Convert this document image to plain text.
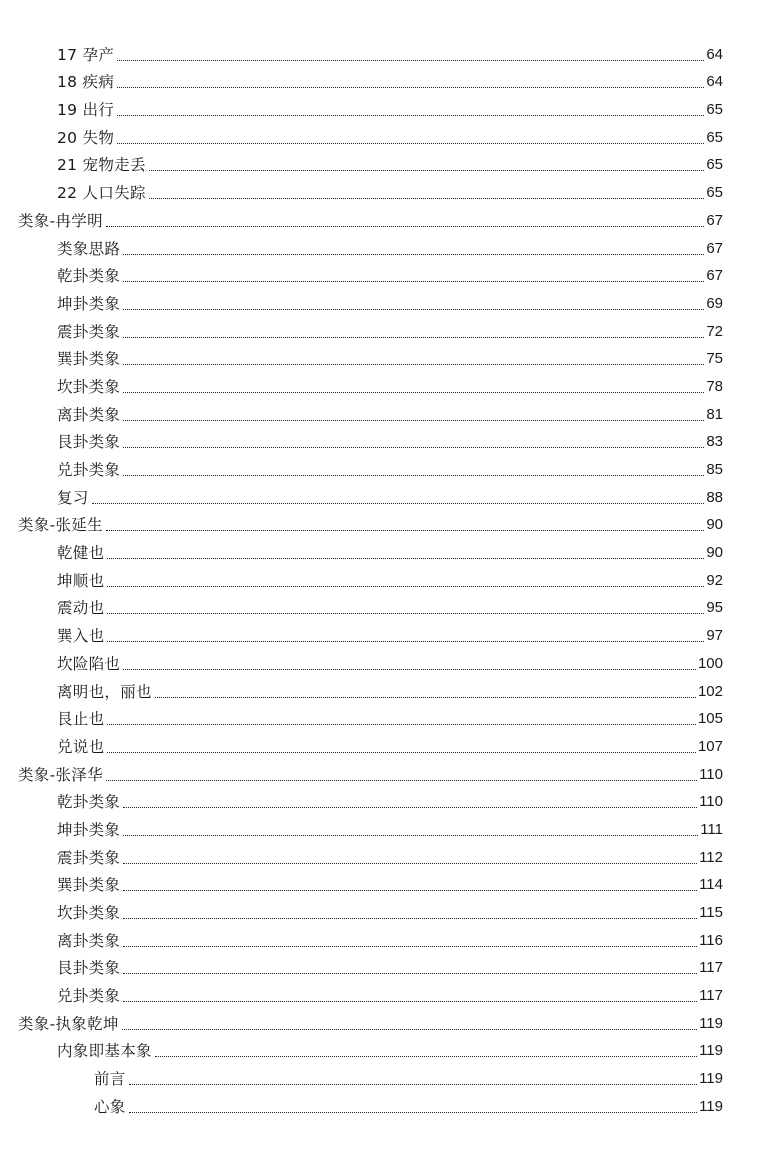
17 孕产	64
18 疾病	64
19 出行	65
20 失物	65
21 宠物走丢	65
22 人口失踪	65
类象-冉学明	67
类象思路	67
乾卦类象	67
坤卦类象	69
震卦类象	72
巽卦类象	75
坎卦类象	78
离卦类象	81
艮卦类象	83
兑卦类象	85
复习	88
类象-张延生	90
乾健也	90
坤顺也	92
震动也	95
巽入也	97
坎险陷也	100
离明也，丽也	102
艮止也	105
兑说也	107
类象-张泽华	110
乾卦类象	110
坤卦类象	111
震卦类象	112
巽卦类象	114
坎卦类象	115
离卦类象	116
艮卦类象	117
兑卦类象	117
类象-执象乾坤	119
内象即基本象	119
前言	119
心象	119
